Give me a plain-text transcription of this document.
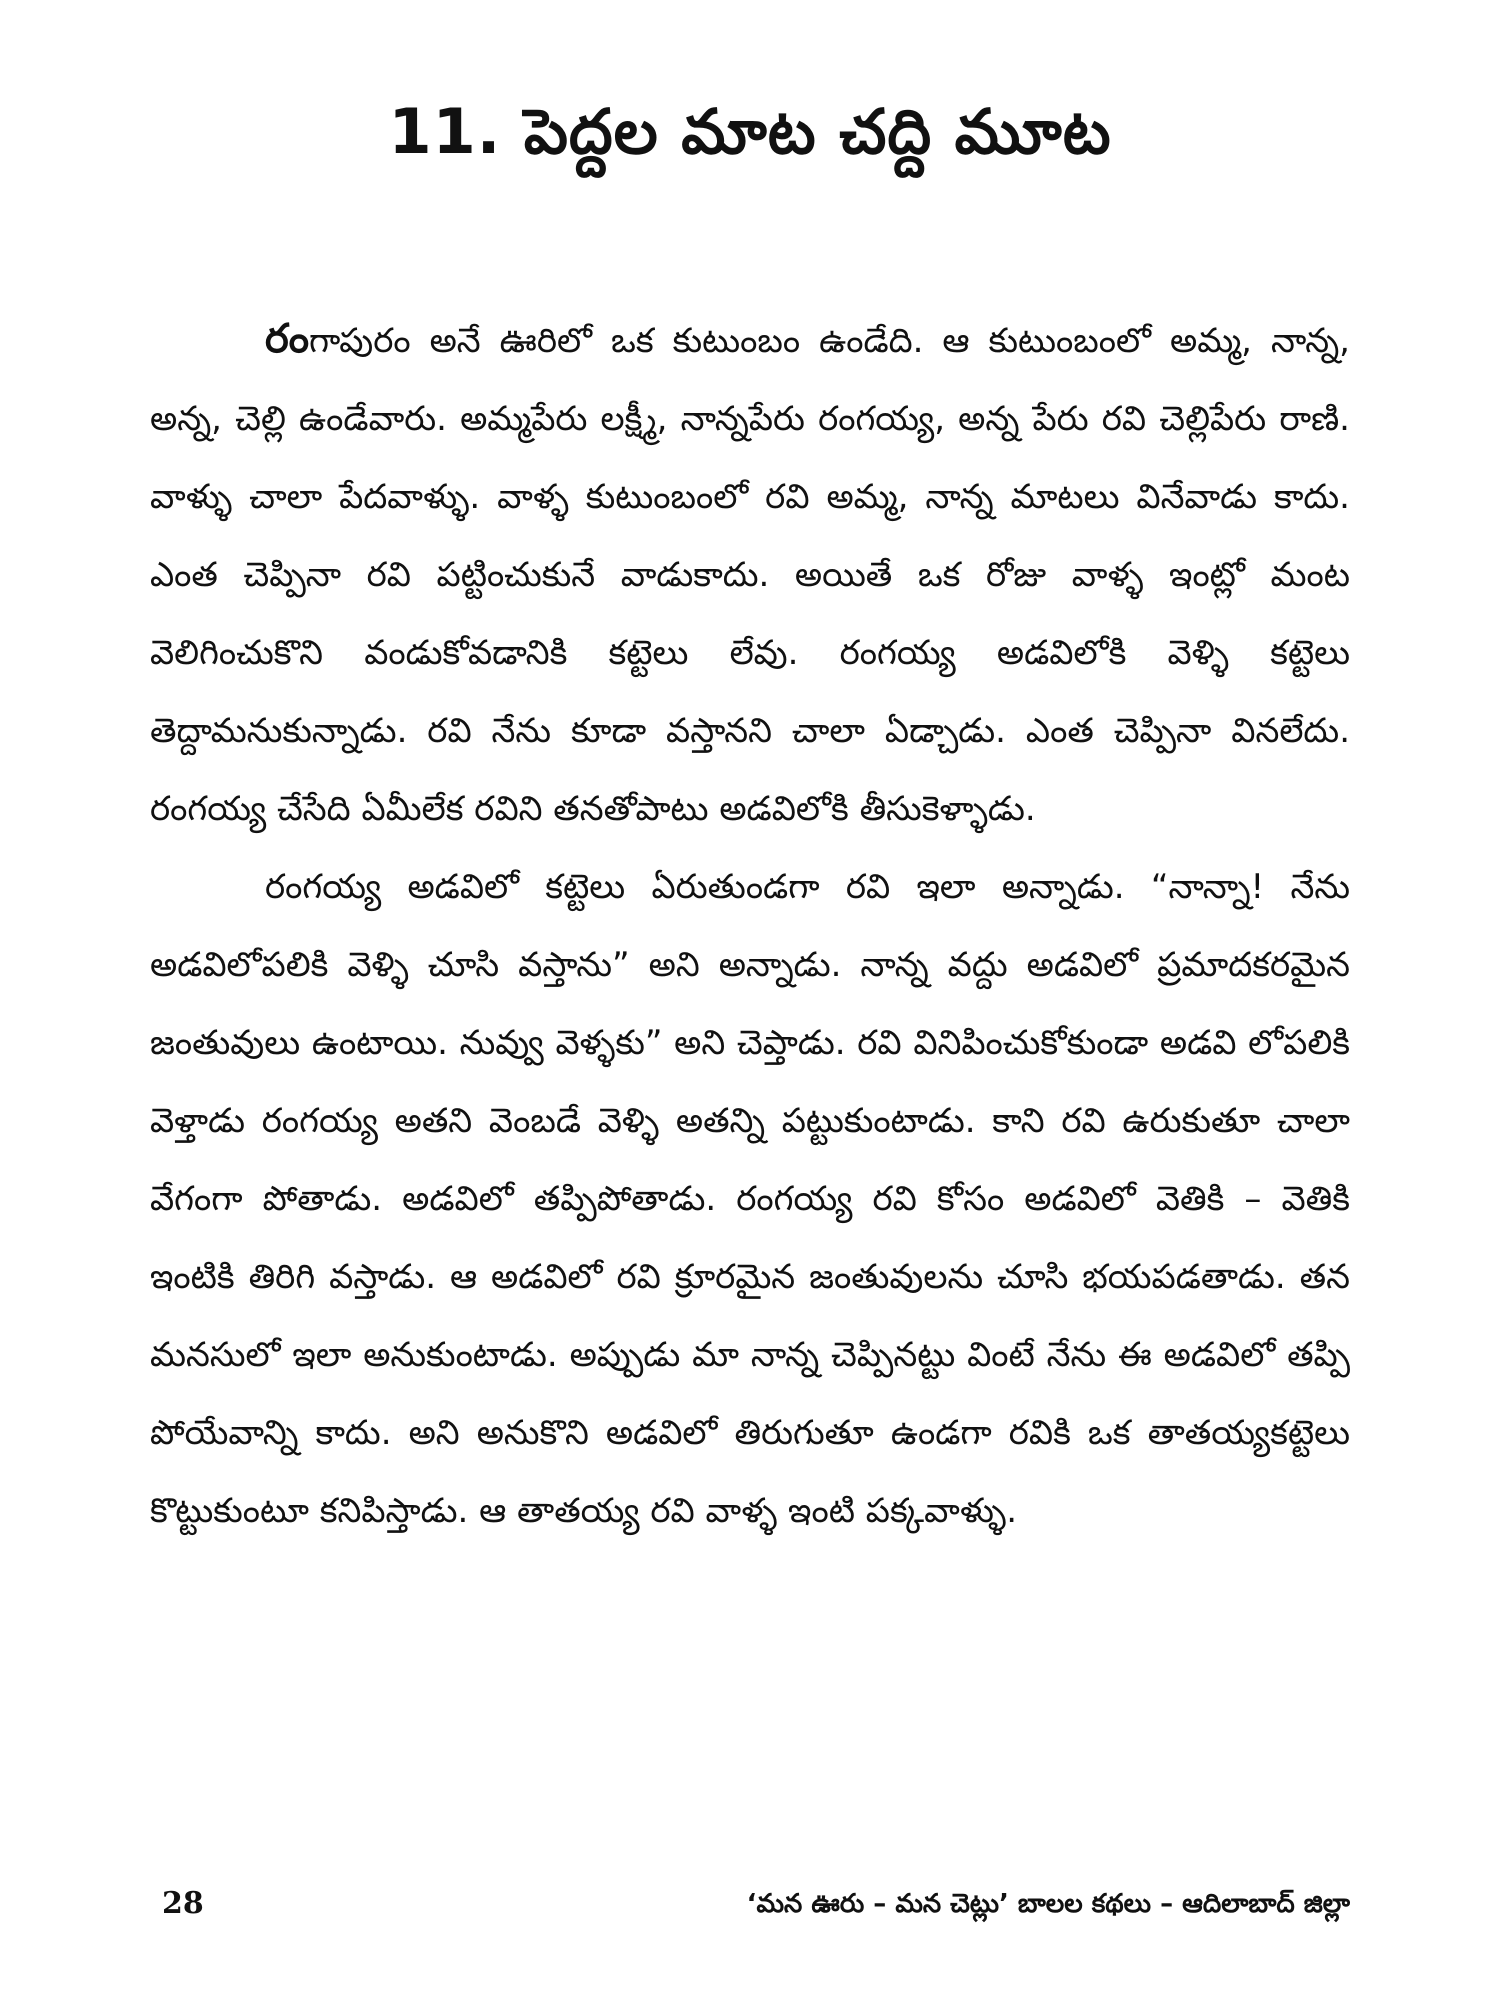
11. పెద్దల మాట చద్ది మూట

రంగాపురం అనే ఊరిలో ఒక కుటుంబం ఉండేది. ఆ కుటుంబంలో అమ్మ, నాన్న, అన్న, చెల్లి ఉండేవారు. అమ్మపేరు లక్ష్మీ, నాన్నపేరు రంగయ్య, అన్న పేరు రవి చెల్లిపేరు రాణి. వాళ్ళు చాలా పేదవాళ్ళు. వాళ్ళ కుటుంబంలో రవి అమ్మ, నాన్న మాటలు వినేవాడు కాదు. ఎంత చెప్పినా రవి పట్టించుకునే వాడుకాదు. అయితే ఒక రోజు వాళ్ళ ఇంట్లో మంట వెలిగించుకొని వండుకోవడానికి కట్టెలు లేవు. రంగయ్య అడవిలోకి వెళ్ళి కట్టెలు తెద్దామనుకున్నాడు. రవి నేను కూడా వస్తానని చాలా ఏడ్చాడు. ఎంత చెప్పినా వినలేదు. రంగయ్య చేసేది ఏమీలేక రవిని తనతోపాటు అడవిలోకి తీసుకెళ్ళాడు.

రంగయ్య అడవిలో కట్టెలు ఏరుతుండగా రవి ఇలా అన్నాడు. “నాన్నా! నేను అడవిలోపలికి వెళ్ళి చూసి వస్తాను” అని అన్నాడు. నాన్న వద్దు అడవిలో ప్రమాదకరమైన జంతువులు ఉంటాయి. నువ్వు వెళ్ళకు” అని చెప్తాడు. రవి వినిపించుకోకుండా అడవి లోపలికి వెళ్తాడు రంగయ్య అతని వెంబడే వెళ్ళి అతన్ని పట్టుకుంటాడు. కాని రవి ఉరుకుతూ చాలా వేగంగా పోతాడు. అడవిలో తప్పిపోతాడు. రంగయ్య రవి కోసం అడవిలో వెతికి – వెతికి ఇంటికి తిరిగి వస్తాడు. ఆ అడవిలో రవి క్రూరమైన జంతువులను చూసి భయపడతాడు. తన మనసులో ఇలా అనుకుంటాడు. అప్పుడు మా నాన్న చెప్పినట్టు వింటే నేను ఈ అడవిలో తప్పి పోయేవాన్ని కాదు. అని అనుకొని అడవిలో తిరుగుతూ ఉండగా రవికి ఒక తాతయ్యకట్టెలు కొట్టుకుంటూ కనిపిస్తాడు. ఆ తాతయ్య రవి వాళ్ళ ఇంటి పక్కవాళ్ళు.

28	‘మన ఊరు – మన చెట్లు’ బాలల కథలు – ఆదిలాబాద్ జిల్లా
